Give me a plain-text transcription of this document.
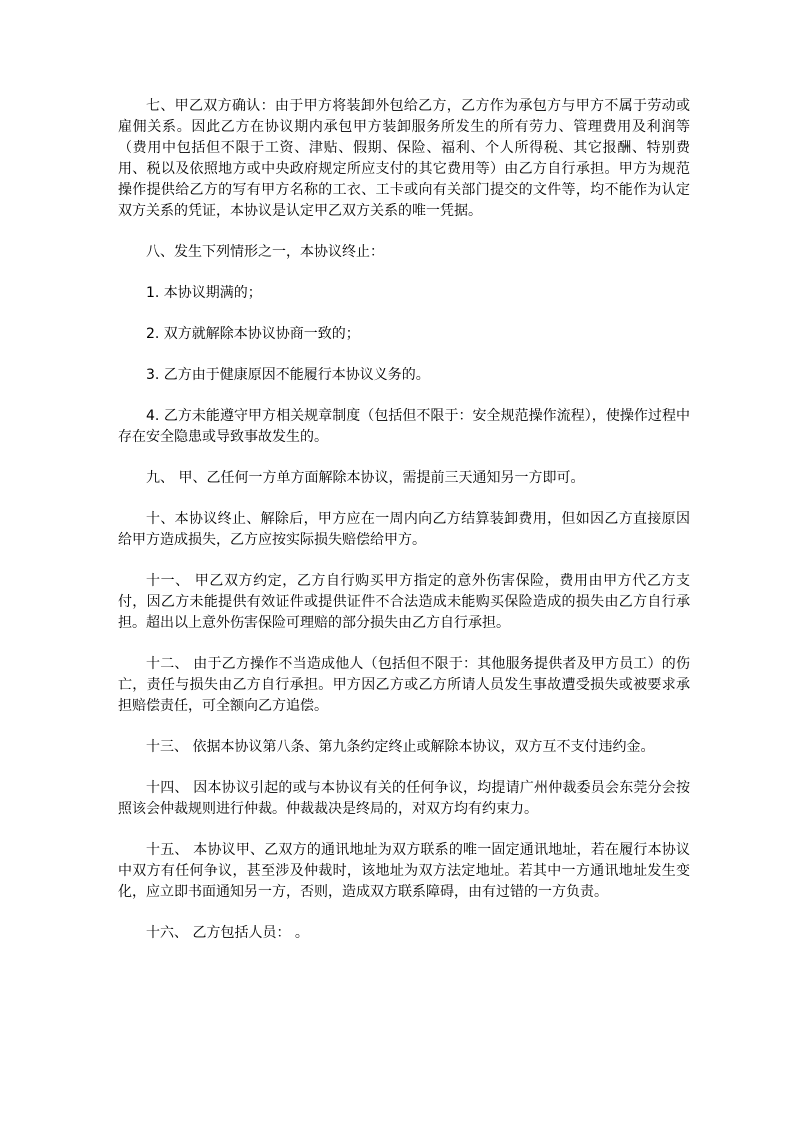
七、甲乙双方确认：由于甲方将装卸外包给乙方，乙方作为承包方与甲方不属于劳动或雇佣关系。因此乙方在协议期内承包甲方装卸服务所发生的所有劳力、管理费用及利润等（费用中包括但不限于工资、津贴、假期、保险、福利、个人所得税、其它报酬、特别费用、税以及依照地方或中央政府规定所应支付的其它费用等）由乙方自行承担。甲方为规范操作提供给乙方的写有甲方名称的工衣、工卡或向有关部门提交的文件等，均不能作为认定双方关系的凭证，本协议是认定甲乙双方关系的唯一凭据。

八、发生下列情形之一，本协议终止：

1. 本协议期满的；

2. 双方就解除本协议协商一致的；

3. 乙方由于健康原因不能履行本协议义务的。

4. 乙方未能遵守甲方相关规章制度（包括但不限于：安全规范操作流程），使操作过程中存在安全隐患或导致事故发生的。

九、 甲、乙任何一方单方面解除本协议，需提前三天通知另一方即可。

十、本协议终止、解除后，甲方应在一周内向乙方结算装卸费用，但如因乙方直接原因给甲方造成损失，乙方应按实际损失赔偿给甲方。

十一、 甲乙双方约定，乙方自行购买甲方指定的意外伤害保险，费用由甲方代乙方支付，因乙方未能提供有效证件或提供证件不合法造成未能购买保险造成的损失由乙方自行承担。超出以上意外伤害保险可理赔的部分损失由乙方自行承担。

十二、 由于乙方操作不当造成他人（包括但不限于：其他服务提供者及甲方员工）的伤亡，责任与损失由乙方自行承担。甲方因乙方或乙方所请人员发生事故遭受损失或被要求承担赔偿责任，可全额向乙方追偿。

十三、 依据本协议第八条、第九条约定终止或解除本协议，双方互不支付违约金。

十四、 因本协议引起的或与本协议有关的任何争议，均提请广州仲裁委员会东莞分会按照该会仲裁规则进行仲裁。仲裁裁决是终局的，对双方均有约束力。

十五、 本协议甲、乙双方的通讯地址为双方联系的唯一固定通讯地址，若在履行本协议中双方有任何争议，甚至涉及仲裁时，该地址为双方法定地址。若其中一方通讯地址发生变化，应立即书面通知另一方，否则，造成双方联系障碍，由有过错的一方负责。

十六、 乙方包括人员： 。
